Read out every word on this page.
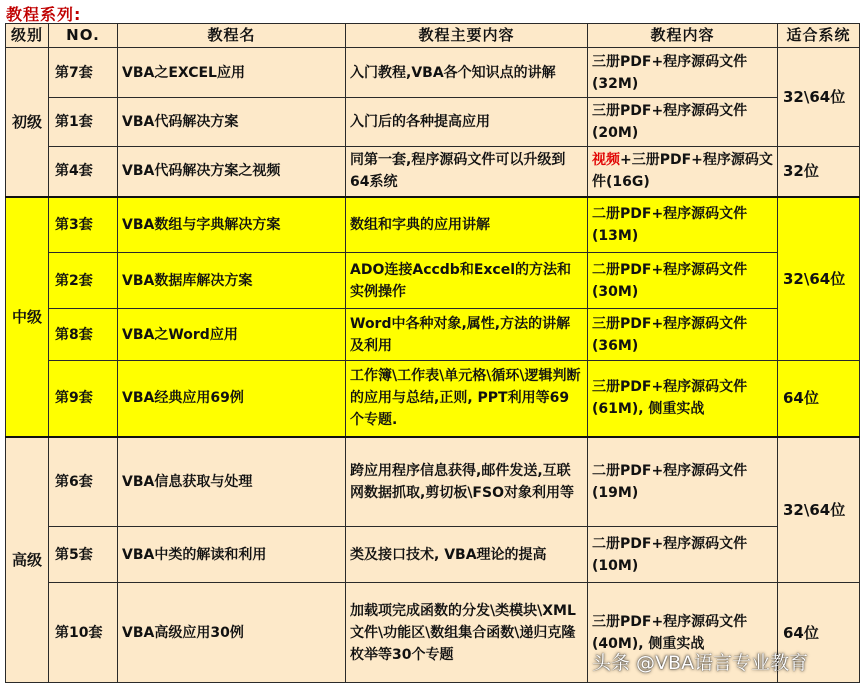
教程系列:
级别	NO.	教程名	教程主要内容	教程内容	适合系统
初级	第7套	VBA之EXCEL应用	入门教程,VBA各个知识点的讲解	三册PDF+程序源码文件(32M)	32\64位
	第1套	VBA代码解决方案	入门后的各种提高应用	三册PDF+程序源码文件 (20M)	
	第4套	VBA代码解决方案之视频	同第一套,程序源码文件可以升级到64系统	视频+三册PDF+程序源码文件(16G)	32位
中级	第3套	VBA数组与字典解决方案	数组和字典的应用讲解	二册PDF+程序源码文件(13M)	32\64位
	第2套	VBA数据库解决方案	ADO连接Accdb和Excel的方法和实例操作	二册PDF+程序源码文件(30M)	
	第8套	VBA之Word应用	Word中各种对象,属性,方法的讲解及利用	三册PDF+程序源码文件(36M)	
	第9套	VBA经典应用69例	工作簿\工作表\单元格\循环\逻辑判断的应用与总结,正则, PPT利用等69个专题.	三册PDF+程序源码文件(61M), 侧重实战	64位
高级	第6套	VBA信息获取与处理	跨应用程序信息获得,邮件发送,互联网数据抓取,剪切板\FSO对象利用等	二册PDF+程序源码文件(19M)	32\64位
	第5套	VBA中类的解读和利用	类及接口技术, VBA理论的提高	二册PDF+程序源码文件(10M)	
	第10套	VBA高级应用30例	加载项完成函数的分发\类模块\XML文件\功能区\数组集合函数\递归克隆枚举等30个专题	三册PDF+程序源码文件(40M), 侧重实战	64位
头条 @VBA语言专业教育
